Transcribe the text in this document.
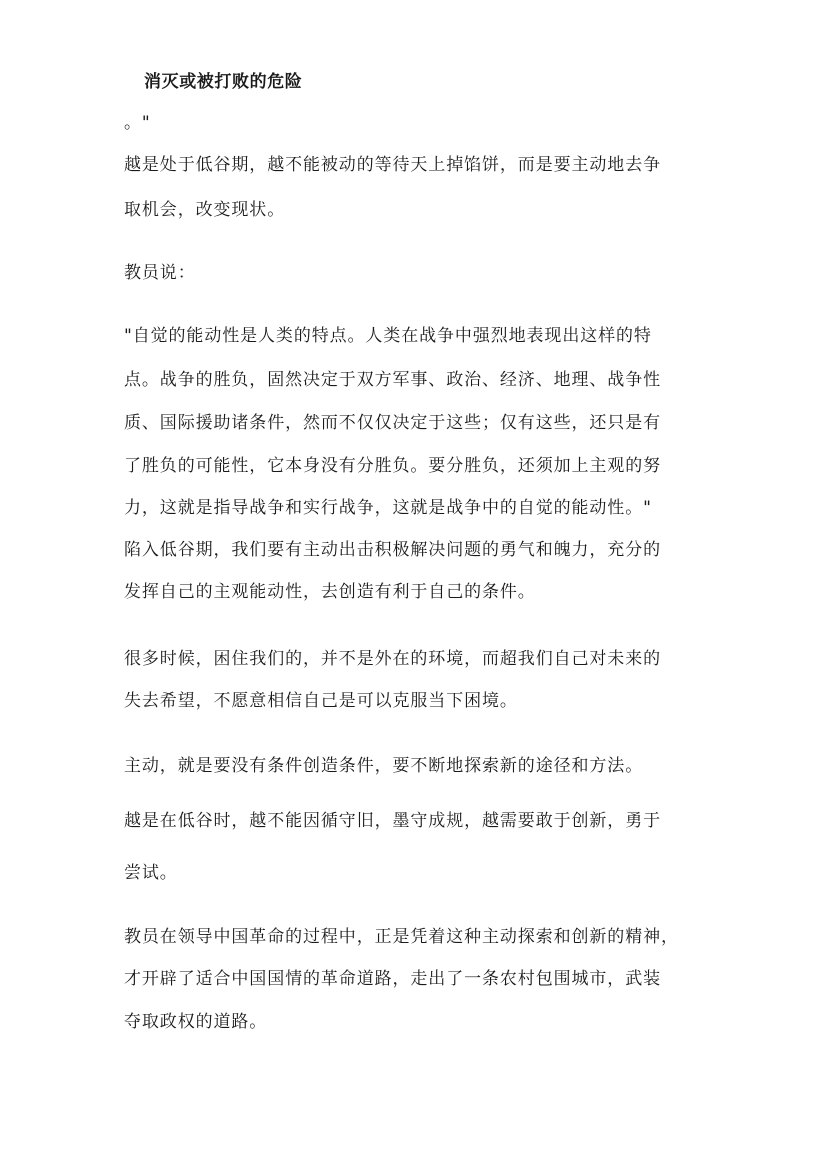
消灭或被打败的危险
。"
越是处于低谷期，越不能被动的等待天上掉馅饼，而是要主动地去争
取机会，改变现状。
教员说：
"自觉的能动性是人类的特点。人类在战争中强烈地表现出这样的特
点。战争的胜负，固然决定于双方军事、政治、经济、地理、战争性
质、国际援助诸条件，然而不仅仅决定于这些；仅有这些，还只是有
了胜负的可能性，它本身没有分胜负。要分胜负，还须加上主观的努
力，这就是指导战争和实行战争，这就是战争中的自觉的能动性。"
陷入低谷期，我们要有主动出击积极解决问题的勇气和魄力，充分的
发挥自己的主观能动性，去创造有利于自己的条件。
很多时候，困住我们的，并不是外在的环境，而超我们自己对未来的
失去希望，不愿意相信自己是可以克服当下困境。
主动，就是要没有条件创造条件，要不断地探索新的途径和方法。
越是在低谷时，越不能因循守旧，墨守成规，越需要敢于创新，勇于
尝试。
教员在领导中国革命的过程中，正是凭着这种主动探索和创新的精神，
才开辟了适合中国国情的革命道路，走出了一条农村包围城市，武装
夺取政权的道路。
